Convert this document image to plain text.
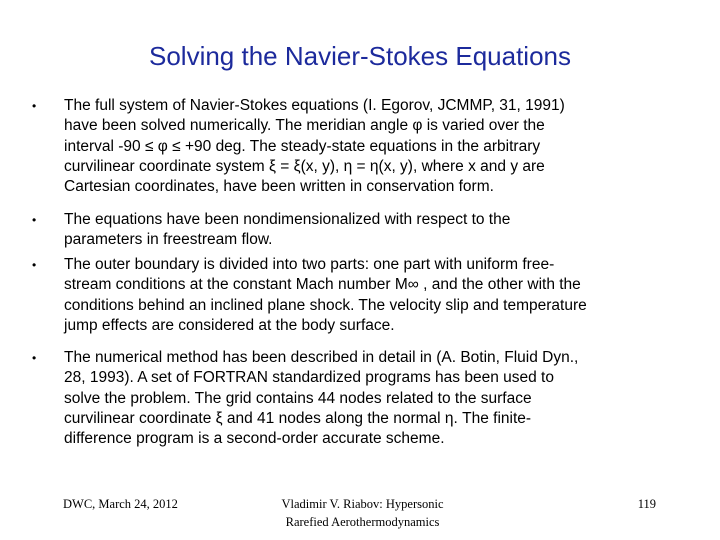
Solving the Navier-Stokes Equations
• The full system of Navier-Stokes equations (I. Egorov, JCMMP, 31, 1991)
have been solved numerically. The meridian angle φ is varied over the
interval -90 ≤ φ ≤ +90 deg. The steady-state equations in the arbitrary
curvilinear coordinate system ξ = ξ(x, y), η = η(x, y), where x and y are
Cartesian coordinates, have been written in conservation form.
• The equations have been nondimensionalized with respect to the
parameters in freestream flow.
• The outer boundary is divided into two parts: one part with uniform free-
stream conditions at the constant Mach number M∞ , and the other with the
conditions behind an inclined plane shock. The velocity slip and temperature
jump effects are considered at the body surface.
• The numerical method has been described in detail in (A. Botin, Fluid Dyn.,
28, 1993). A set of FORTRAN standardized programs has been used to
solve the problem. The grid contains 44 nodes related to the surface
curvilinear coordinate ξ and 41 nodes along the normal η. The finite-
difference program is a second-order accurate scheme.
DWC, March 24, 2012	Vladimir V. Riabov: Hypersonic
Rarefied Aerothermodynamics
119
